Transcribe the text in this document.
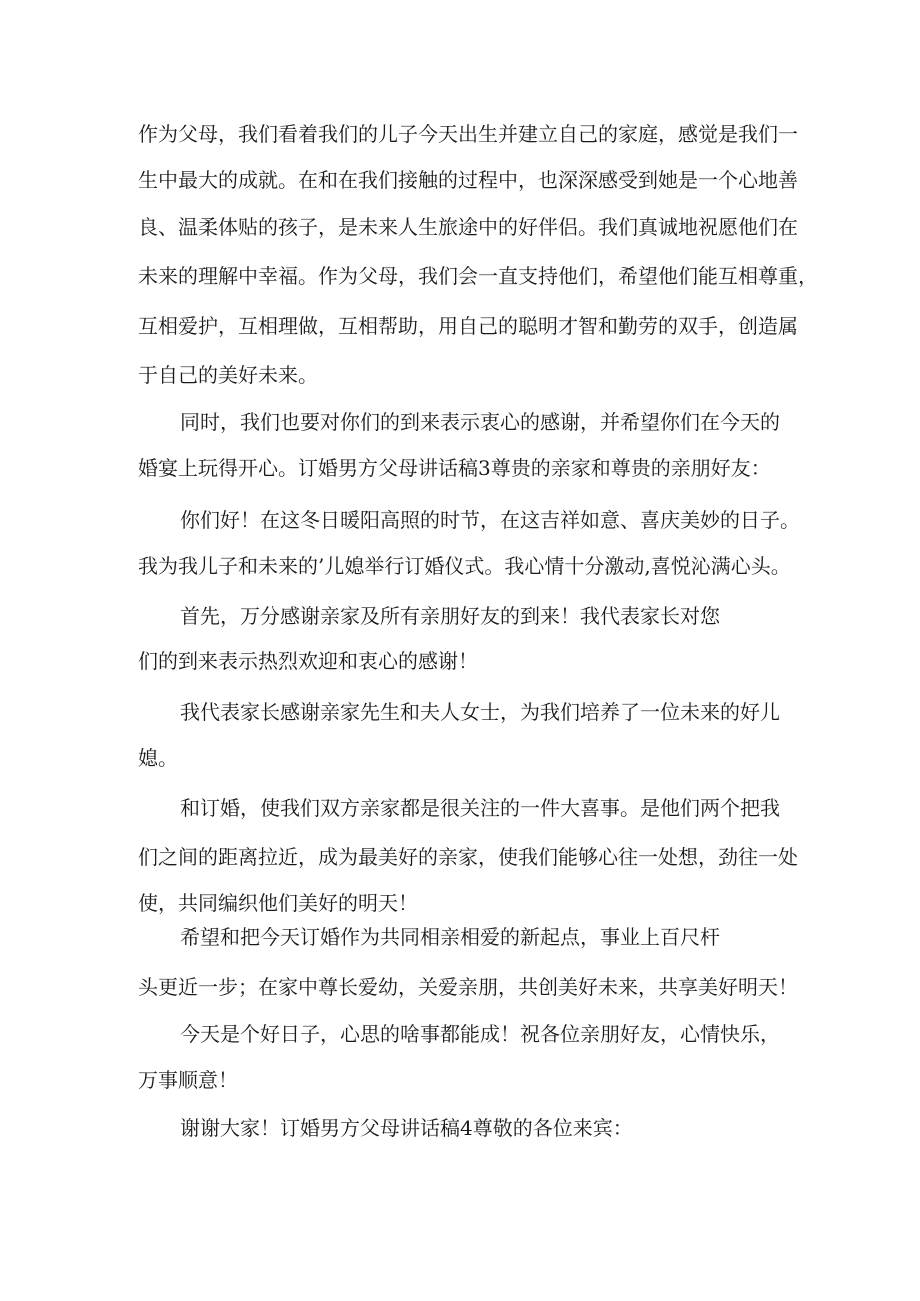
作为父母，我们看着我们的儿子今天出生并建立自己的家庭，感觉是我们一
生中最大的成就。在和在我们接触的过程中，也深深感受到她是一个心地善
良、温柔体贴的孩子，是未来人生旅途中的好伴侣。我们真诚地祝愿他们在
未来的理解中幸福。作为父母，我们会一直支持他们，希望他们能互相尊重，
互相爱护，互相理做，互相帮助，用自己的聪明才智和勤劳的双手，创造属
于自己的美好未来。
同时，我们也要对你们的到来表示衷心的感谢，并希望你们在今天的
婚宴上玩得开心。订婚男方父母讲话稿3尊贵的亲家和尊贵的亲朋好友：
你们好！在这冬日暖阳高照的时节，在这吉祥如意、喜庆美妙的日子。
我为我儿子和未来的’儿媳举行订婚仪式。我心情十分激动,喜悦沁满心头。
首先，万分感谢亲家及所有亲朋好友的到来！我代表家长对您
们的到来表示热烈欢迎和衷心的感谢！
我代表家长感谢亲家先生和夫人女士，为我们培养了一位未来的好儿
媳。
和订婚，使我们双方亲家都是很关注的一件大喜事。是他们两个把我
们之间的距离拉近，成为最美好的亲家，使我们能够心往一处想，劲往一处
使，共同编织他们美好的明天！
希望和把今天订婚作为共同相亲相爱的新起点，事业上百尺杆
头更近一步；在家中尊长爱幼，关爱亲朋，共创美好未来，共享美好明天！
今天是个好日子，心思的啥事都能成！祝各位亲朋好友，心情快乐，
万事顺意！
谢谢大家！订婚男方父母讲话稿4尊敬的各位来宾：
